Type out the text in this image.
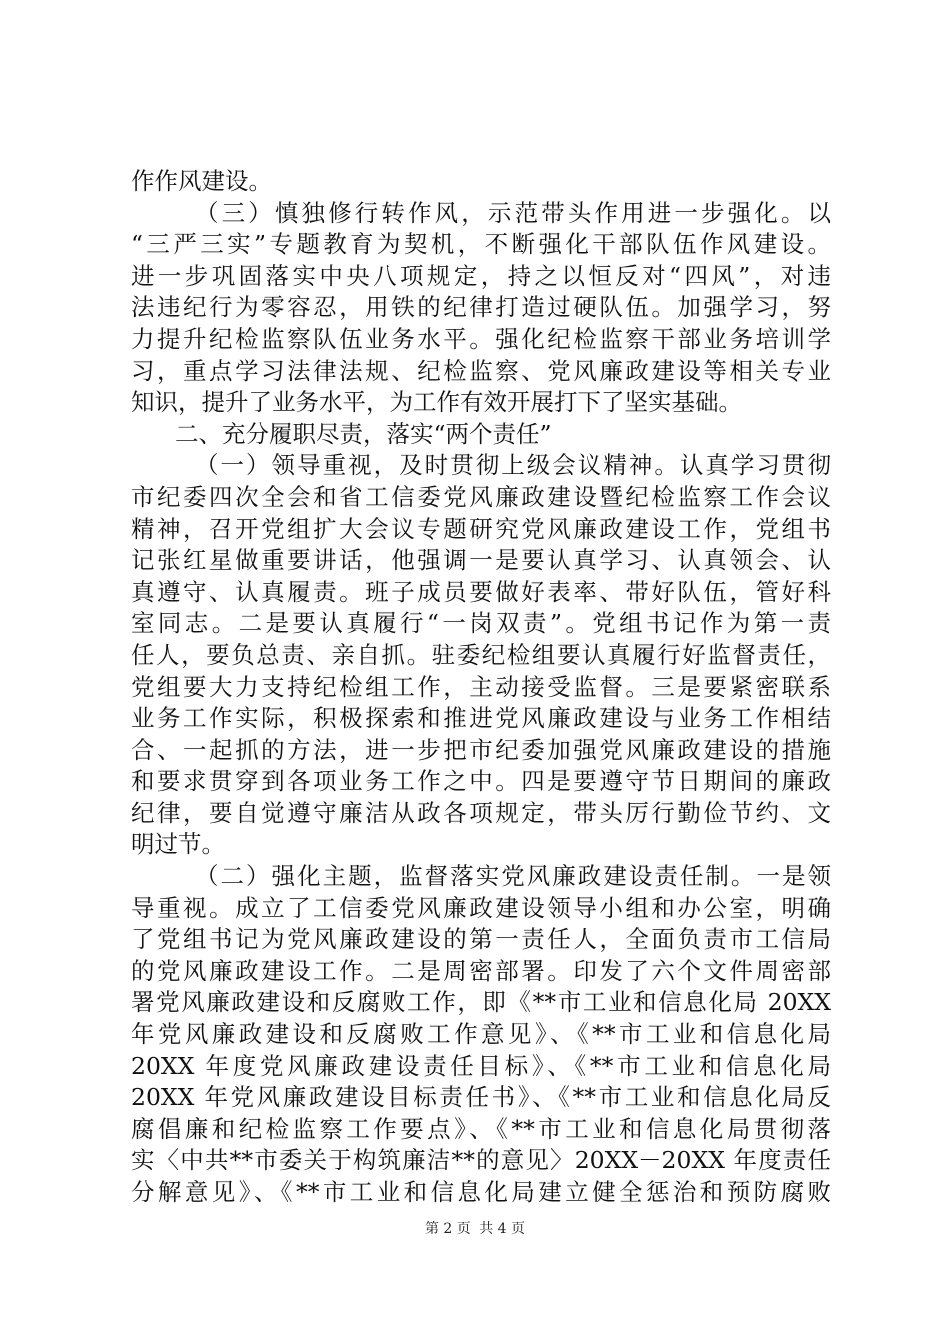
作作风建设。
（三）慎独修行转作风，示范带头作用进一步强化。以
“三严三实”专题教育为契机，不断强化干部队伍作风建设。
进一步巩固落实中央八项规定，持之以恒反对“四风”，对违
法违纪行为零容忍，用铁的纪律打造过硬队伍。加强学习，努
力提升纪检监察队伍业务水平。强化纪检监察干部业务培训学
习，重点学习法律法规、纪检监察、党风廉政建设等相关专业
知识，提升了业务水平，为工作有效开展打下了坚实基础。
二、充分履职尽责，落实“两个责任”
（一）领导重视，及时贯彻上级会议精神。认真学习贯彻
市纪委四次全会和省工信委党风廉政建设暨纪检监察工作会议
精神，召开党组扩大会议专题研究党风廉政建设工作，党组书
记张红星做重要讲话，他强调一是要认真学习、认真领会、认
真遵守、认真履责。班子成员要做好表率、带好队伍，管好科
室同志。二是要认真履行“一岗双责”。党组书记作为第一责
任人，要负总责、亲自抓。驻委纪检组要认真履行好监督责任，
党组要大力支持纪检组工作，主动接受监督。三是要紧密联系
业务工作实际，积极探索和推进党风廉政建设与业务工作相结
合、一起抓的方法，进一步把市纪委加强党风廉政建设的措施
和要求贯穿到各项业务工作之中。四是要遵守节日期间的廉政
纪律，要自觉遵守廉洁从政各项规定，带头厉行勤俭节约、文
明过节。
（二）强化主题，监督落实党风廉政建设责任制。一是领
导重视。成立了工信委党风廉政建设领导小组和办公室，明确
了党组书记为党风廉政建设的第一责任人，全面负责市工信局
的党风廉政建设工作。二是周密部署。印发了六个文件周密部
署党风廉政建设和反腐败工作，即《**市工业和信息化局 20XX
年党风廉政建设和反腐败工作意见》、《**市工业和信息化局
20XX 年度党风廉政建设责任目标》、《**市工业和信息化局
20XX 年党风廉政建设目标责任书》、《**市工业和信息化局反
腐倡廉和纪检监察工作要点》、《**市工业和信息化局贯彻落
实〈中共**市委关于构筑廉洁**的意见〉20XX－20XX 年度责任
分解意见》、《**市工业和信息化局建立健全惩治和预防腐败
第 2 页 共 4 页
